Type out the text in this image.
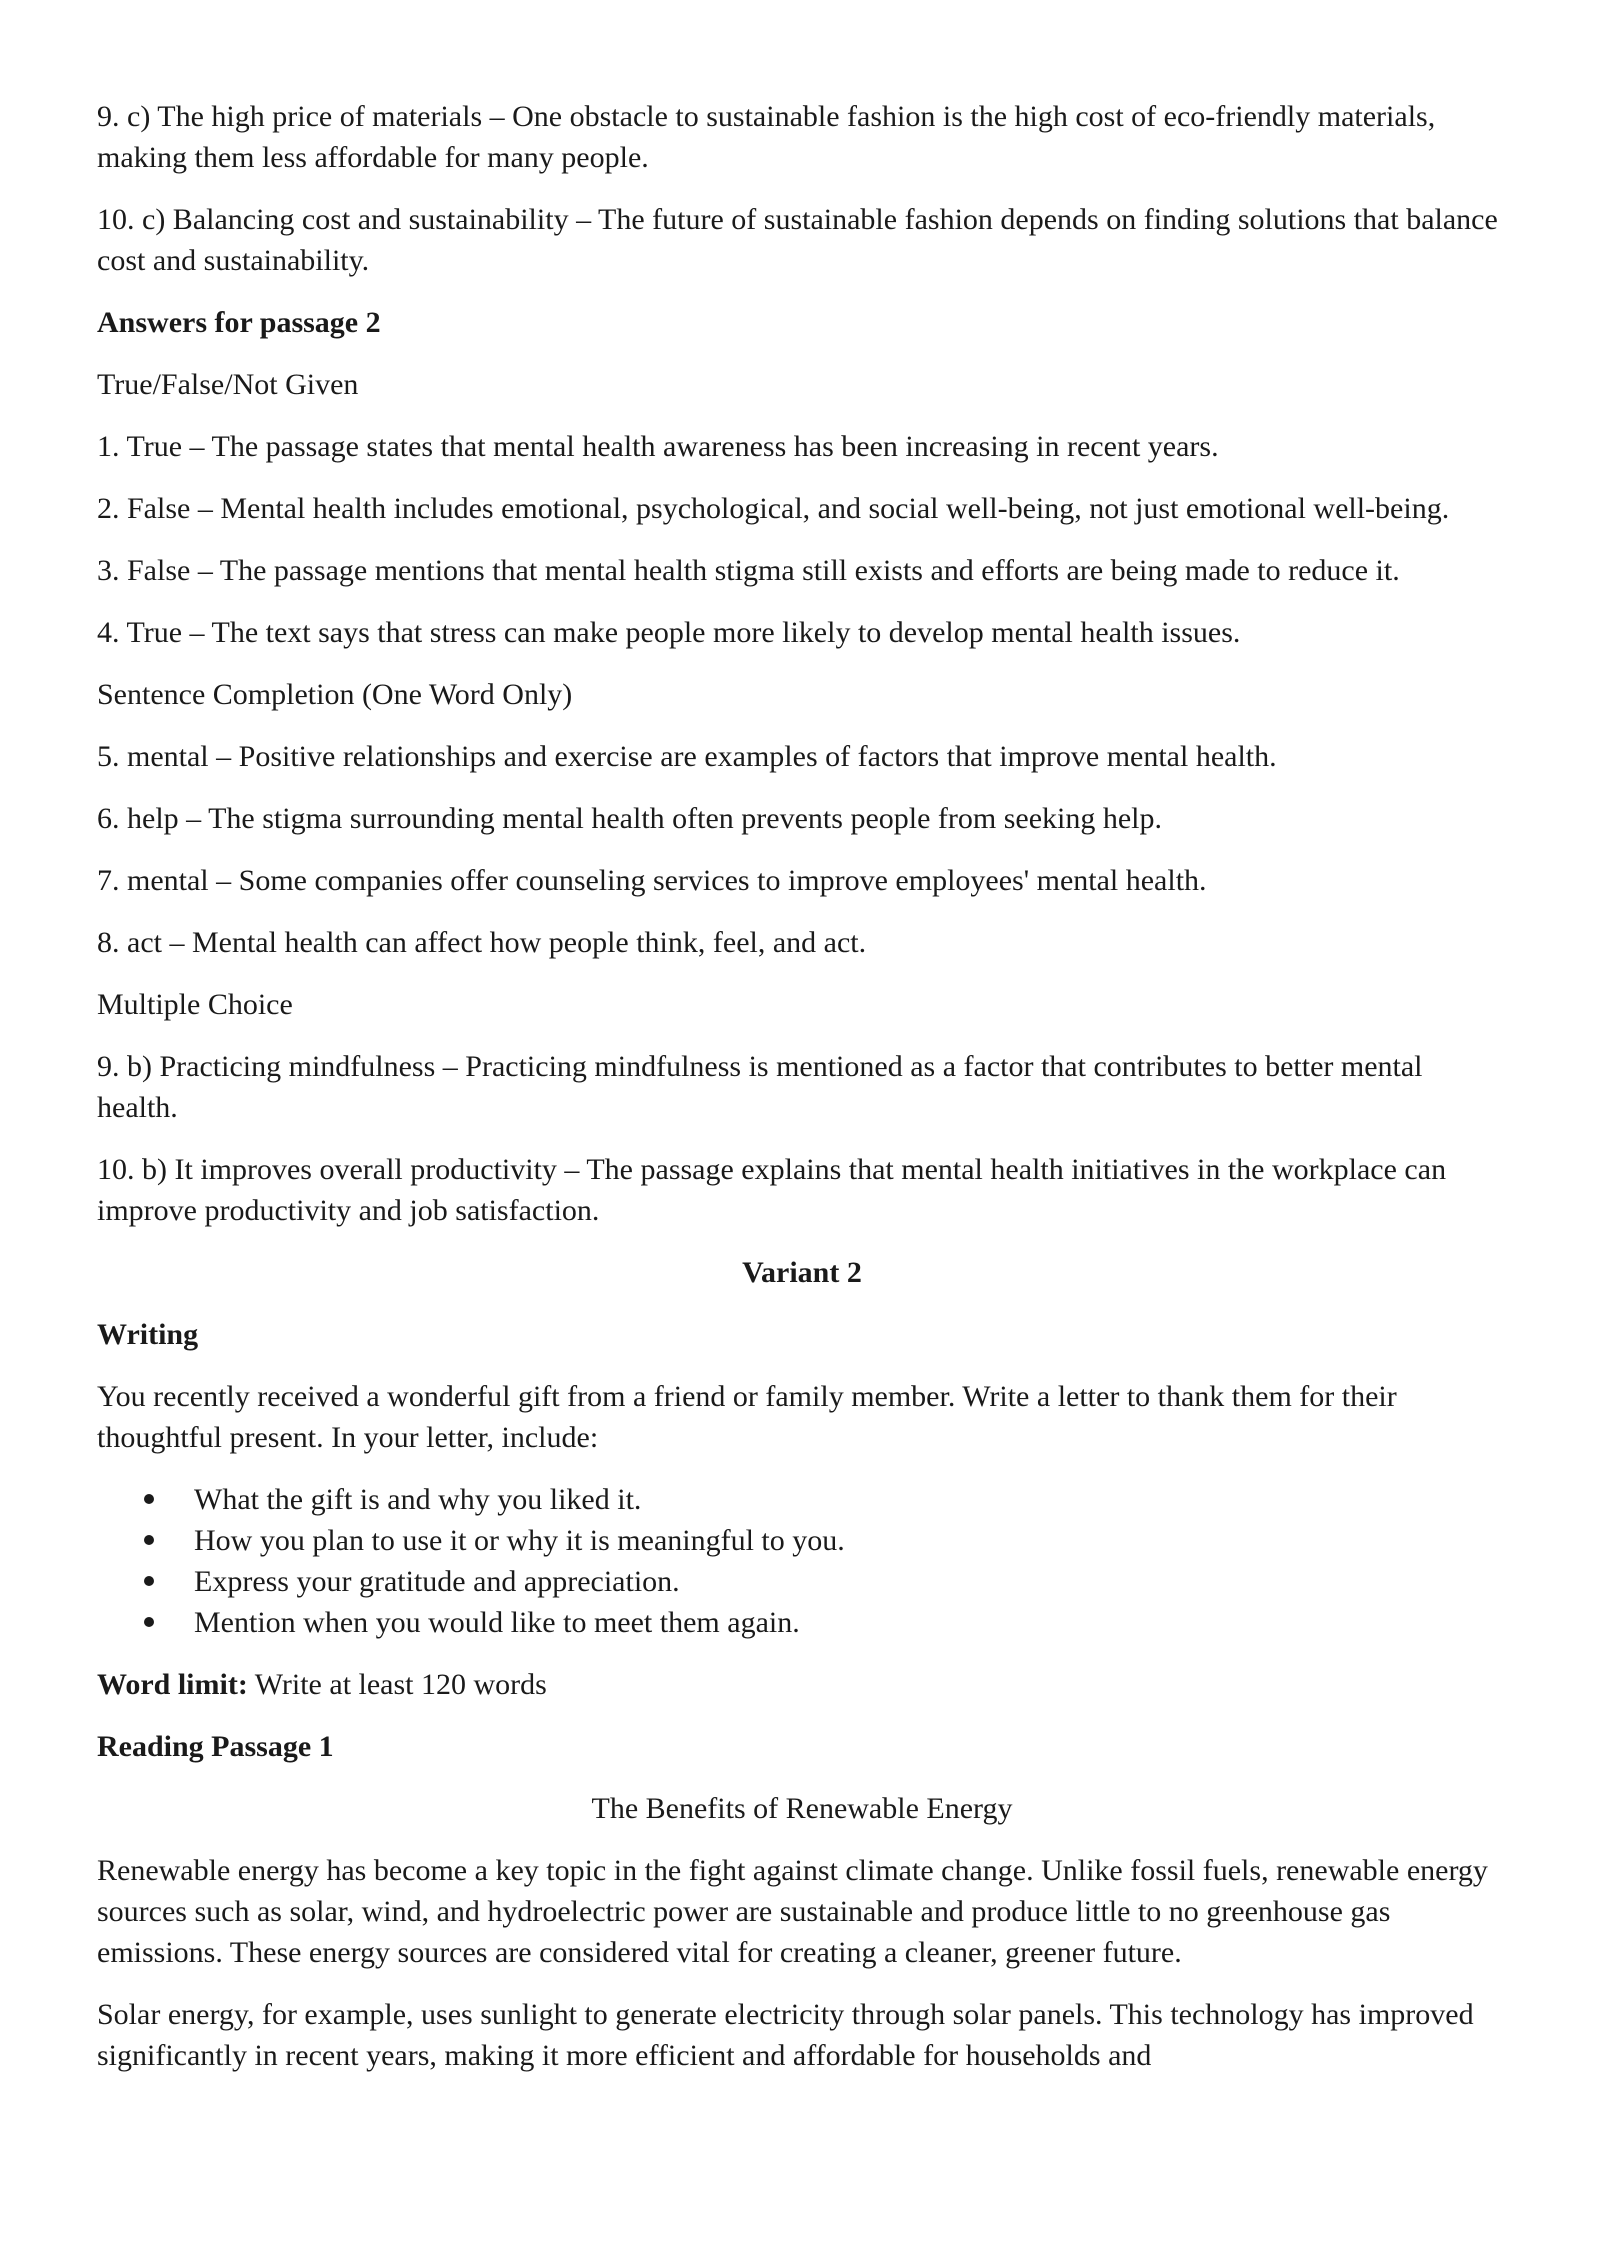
9. c) The high price of materials – One obstacle to sustainable fashion is the high cost of eco-friendly materials, making them less affordable for many people.

10. c) Balancing cost and sustainability – The future of sustainable fashion depends on finding solutions that balance cost and sustainability.

Answers for passage 2

True/False/Not Given

1. True – The passage states that mental health awareness has been increasing in recent years.

2. False – Mental health includes emotional, psychological, and social well-being, not just emotional well-being.

3. False – The passage mentions that mental health stigma still exists and efforts are being made to reduce it.

4. True – The text says that stress can make people more likely to develop mental health issues.

Sentence Completion (One Word Only)

5. mental – Positive relationships and exercise are examples of factors that improve mental health.

6. help – The stigma surrounding mental health often prevents people from seeking help.

7. mental – Some companies offer counseling services to improve employees' mental health.

8. act – Mental health can affect how people think, feel, and act.

Multiple Choice

9. b) Practicing mindfulness – Practicing mindfulness is mentioned as a factor that contributes to better mental health.

10. b) It improves overall productivity – The passage explains that mental health initiatives in the workplace can improve productivity and job satisfaction.

Variant 2

Writing

You recently received a wonderful gift from a friend or family member. Write a letter to thank them for their thoughtful present. In your letter, include:

What the gift is and why you liked it.
How you plan to use it or why it is meaningful to you.
Express your gratitude and appreciation.
Mention when you would like to meet them again.

Word limit: Write at least 120 words

Reading Passage 1

The Benefits of Renewable Energy

Renewable energy has become a key topic in the fight against climate change. Unlike fossil fuels, renewable energy sources such as solar, wind, and hydroelectric power are sustainable and produce little to no greenhouse gas emissions. These energy sources are considered vital for creating a cleaner, greener future.

Solar energy, for example, uses sunlight to generate electricity through solar panels. This technology has improved significantly in recent years, making it more efficient and affordable for households and
